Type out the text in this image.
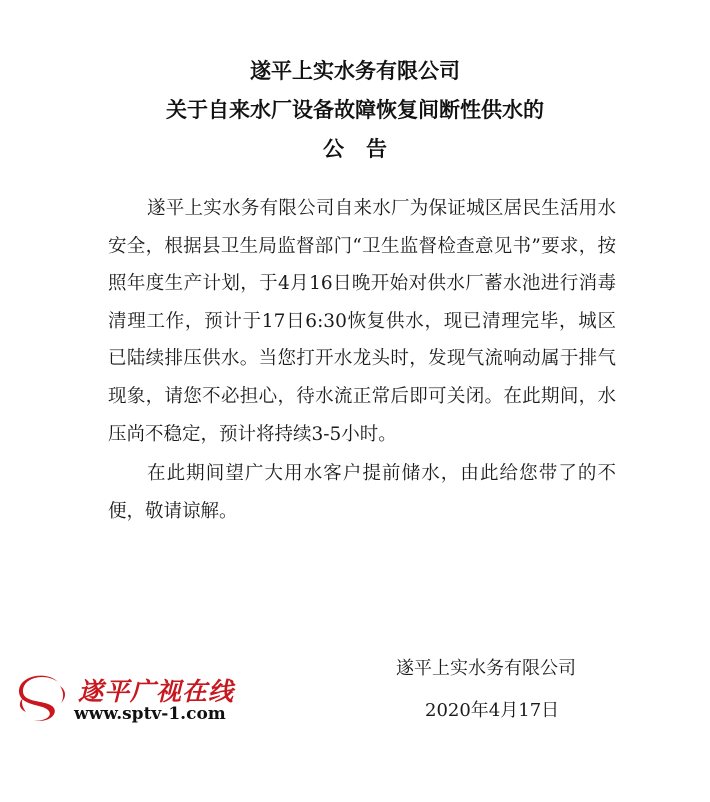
遂平上实水务有限公司
关于自来水厂设备故障恢复间断性供水的
公告

遂平上实水务有限公司自来水厂为保证城区居民生活用水安全，根据县卫生局监督部门“卫生监督检查意见书”要求，按照年度生产计划，于4月16日晚开始对供水厂蓄水池进行消毒清理工作，预计于17日6:30恢复供水，现已清理完毕，城区已陆续排压供水。当您打开水龙头时，发现气流响动属于排气现象，请您不必担心，待水流正常后即可关闭。在此期间，水压尚不稳定，预计将持续3-5小时。

在此期间望广大用水客户提前储水，由此给您带了的不便，敬请谅解。

遂平上实水务有限公司
2020年4月17日
遂平广视在线
www.sptv-1.com
